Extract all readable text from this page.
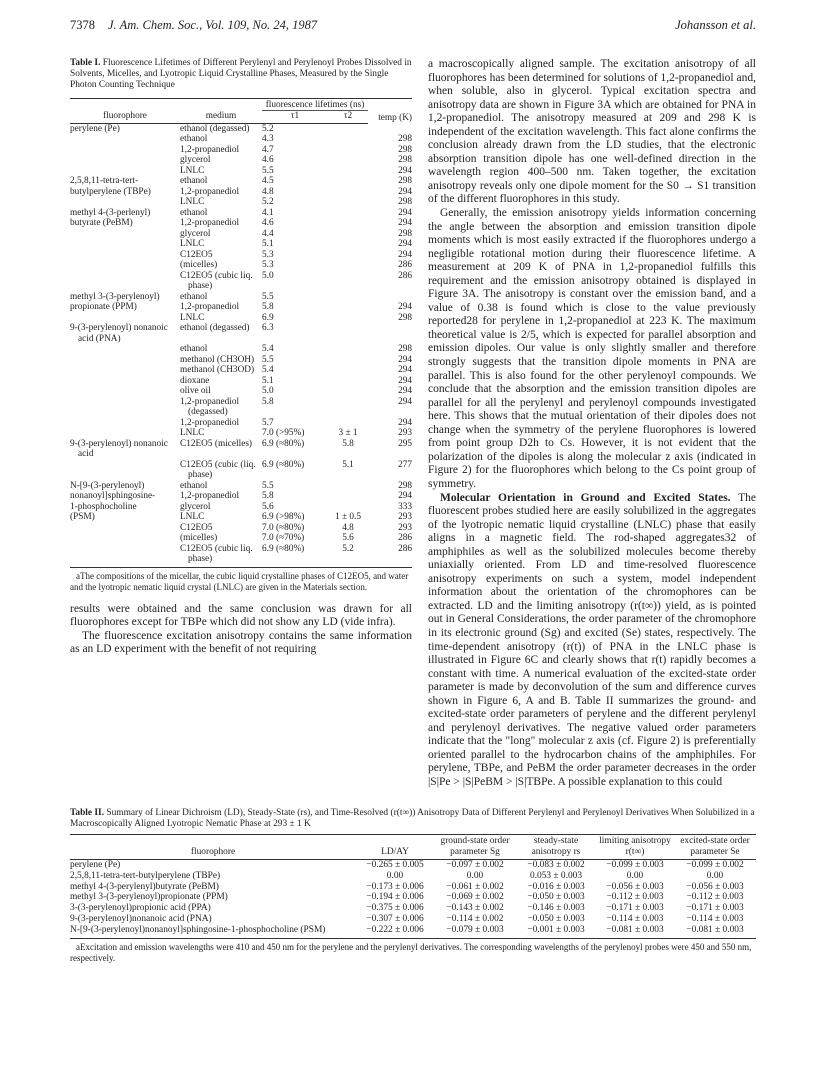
7378 J. Am. Chem. Soc., Vol. 109, No. 24, 1987	Johansson et al.

Table I. Fluorescence Lifetimes of Different Perylenyl and Perylenoyl Probes Dissolved in Solvents, Micelles, and Lyotropic Liquid Crystalline Phases, Measured by the Single Photon Counting Technique

		fluorescence lifetimes (ns)		temp (K)
fluorophore	medium	τ1	τ2	
perylene (Pe)	ethanol (degassed)	5.2		
	ethanol	4.3		298
	1,2-propanediol	4.7		298
	glycerol	4.6		298
	LNLC	5.5		294
2,5,8,11-tetra-tert-	ethanol	4.5		298
butylperylene (TBPe)	1,2-propanediol	4.8		294
	LNLC	5.2		298
methyl 4-(3-perlenyl)	ethanol	4.1		294
butyrate (PeBM)	1,2-propanediol	4.6		294
	glycerol	4.4		298
	LNLC	5.1		294
	C12EO5	5.3		294
	(micelles)	5.3		286
	C12EO5 (cubic liq. phase)	5.0		286
methyl 3-(3-perylenoyl)	ethanol	5.5		
propionate (PPM)	1,2-propanediol	5.8		294
	LNLC	6.9		298
9-(3-perylenoyl) nonanoic acid (PNA)	ethanol (degassed)	6.3		
	ethanol	5.4		298
	methanol (CH3OH)	5.5		294
	methanol (CH3OD)	5.4		294
	dioxane	5.1		294
	olive oil	5.0		294
	1,2-propanediol (degassed)	5.8		294
	1,2-propanediol	5.7		294
	LNLC	7.0 (>95%)	3 ± 1	293
9-(3-perylenoyl) nonanoic acid	C12EO5 (micelles)	6.9 (≈80%)	5.8	295
	C12EO5 (cubic (liq. phase)	6.9 (≈80%)	5.1	277
N-[9-(3-perylenoyl)	ethanol	5.5		298
nonanoyl]sphingosine-	1,2-propanediol	5.8		294
1-phosphocholine	glycerol	5.6		333
(PSM)	LNLC	6.9 (>98%)	1 ± 0.5	293
	C12EO5	7.0 (≈80%)	4.8	293
	(micelles)	7.0 (≈70%)	5.6	286
	C12EO5 (cubic liq. phase)	6.9 (≈80%)	5.2	286

aThe compositions of the micellar, the cubic liquid crystalline phases of C12EO5, and water and the lyotropic nematic liquid crystal (LNLC) are given in the Materials section.

results were obtained and the same conclusion was drawn for all fluorophores except for TBPe which did not show any LD (vide infra).

The fluorescence excitation anisotropy contains the same information as an LD experiment with the benefit of not requiring

a macroscopically aligned sample. The excitation anisotropy of all fluorophores has been determined for solutions of 1,2-propanediol and, when soluble, also in glycerol. Typical excitation spectra and anisotropy data are shown in Figure 3A which are obtained for PNA in 1,2-propanediol. The anisotropy measured at 209 and 298 K is independent of the excitation wavelength. This fact alone confirms the conclusion already drawn from the LD studies, that the electronic absorption transition dipole has one well-defined direction in the wavelength region 400–500 nm. Taken together, the excitation anisotropy reveals only one dipole moment for the S0 → S1 transition of the different fluorophores in this study.

Generally, the emission anisotropy yields information concerning the angle between the absorption and emission transition dipole moments which is most easily extracted if the fluorophores undergo a negligible rotational motion during their fluorescence lifetime. A measurement at 209 K of PNA in 1,2-propanediol fulfills this requirement and the emission anisotropy obtained is displayed in Figure 3A. The anisotropy is constant over the emission band, and a value of 0.38 is found which is close to the value previously reported28 for perylene in 1,2-propanediol at 223 K. The maximum theoretical value is 2/5, which is expected for parallel absorption and emission dipoles. Our value is only slightly smaller and therefore strongly suggests that the transition dipole moments in PNA are parallel. This is also found for the other perylenoyl compounds. We conclude that the absorption and the emission transition dipoles are parallel for all the perylenyl and perylenoyl compounds investigated here. This shows that the mutual orientation of their dipoles does not change when the symmetry of the perylene fluorophores is lowered from point group D2h to Cs. However, it is not evident that the polarization of the dipoles is along the molecular z axis (indicated in Figure 2) for the fluorophores which belong to the Cs point group of symmetry.

Molecular Orientation in Ground and Excited States. The fluorescent probes studied here are easily solubilized in the aggregates of the lyotropic nematic liquid crystalline (LNLC) phase that easily aligns in a magnetic field. The rod-shaped aggregates32 of amphiphiles as well as the solubilized molecules become thereby uniaxially oriented. From LD and time-resolved fluorescence anisotropy experiments on such a system, model independent information about the orientation of the chromophores can be extracted. LD and the limiting anisotropy (r(t∞)) yield, as is pointed out in General Considerations, the order parameter of the chromophore in its electronic ground (Sg) and excited (Se) states, respectively. The time-dependent anisotropy (r(t)) of PNA in the LNLC phase is illustrated in Figure 6C and clearly shows that r(t) rapidly becomes a constant with time. A numerical evaluation of the excited-state order parameter is made by deconvolution of the sum and difference curves shown in Figure 6, A and B. Table II summarizes the ground- and excited-state order parameters of perylene and the different perylenyl and perylenoyl derivatives. The negative valued order parameters indicate that the "long" molecular z axis (cf. Figure 2) is preferentially oriented parallel to the hydrocarbon chains of the amphiphiles. For perylene, TBPe, and PeBM the order parameter decreases in the order |S|Pe > |S|PeBM > |S|TBPe. A possible explanation to this could

Table II. Summary of Linear Dichroism (LD), Steady-State (rs), and Time-Resolved (r(t∞)) Anisotropy Data of Different Perylenyl and Perylenoyl Derivatives When Solubilized in a Macroscopically Aligned Lyotropic Nematic Phase at 293 ± 1 K

fluorophore	LD/AY	ground-state order parameter Sg	steady-state anisotropy rs	limiting anisotropy r(t∞)	excited-state order parameter Se
perylene (Pe)	−0.265 ± 0.005	−0.097 ± 0.002	−0.083 ± 0.002	−0.099 ± 0.003	−0.099 ± 0.002
2,5,8,11-tetra-tert-butylperylene (TBPe)	0.00	0.00	0.053 ± 0.003	0.00	0.00
methyl 4-(3-perylenyl)butyrate (PeBM)	−0.173 ± 0.006	−0.061 ± 0.002	−0.016 ± 0.003	−0.056 ± 0.003	−0.056 ± 0.003
methyl 3-(3-perylenoyl)propionate (PPM)	−0.194 ± 0.006	−0.069 ± 0.002	−0.050 ± 0.003	−0.112 ± 0.003	−0.112 ± 0.003
3-(3-perylenoyl)propionic acid (PPA)	−0.375 ± 0.006	−0.143 ± 0.002	−0.146 ± 0.003	−0.171 ± 0.003	−0.171 ± 0.003
9-(3-perylenoyl)nonanoic acid (PNA)	−0.307 ± 0.006	−0.114 ± 0.002	−0.050 ± 0.003	−0.114 ± 0.003	−0.114 ± 0.003
N-[9-(3-perylenoyl)nonanoyl]sphingosine-1-phosphocholine (PSM)	−0.222 ± 0.006	−0.079 ± 0.003	−0.001 ± 0.003	−0.081 ± 0.003	−0.081 ± 0.003

aExcitation and emission wavelengths were 410 and 450 nm for the perylene and the perylenyl derivatives. The corresponding wavelengths of the perylenoyl probes were 450 and 550 nm, respectively.
